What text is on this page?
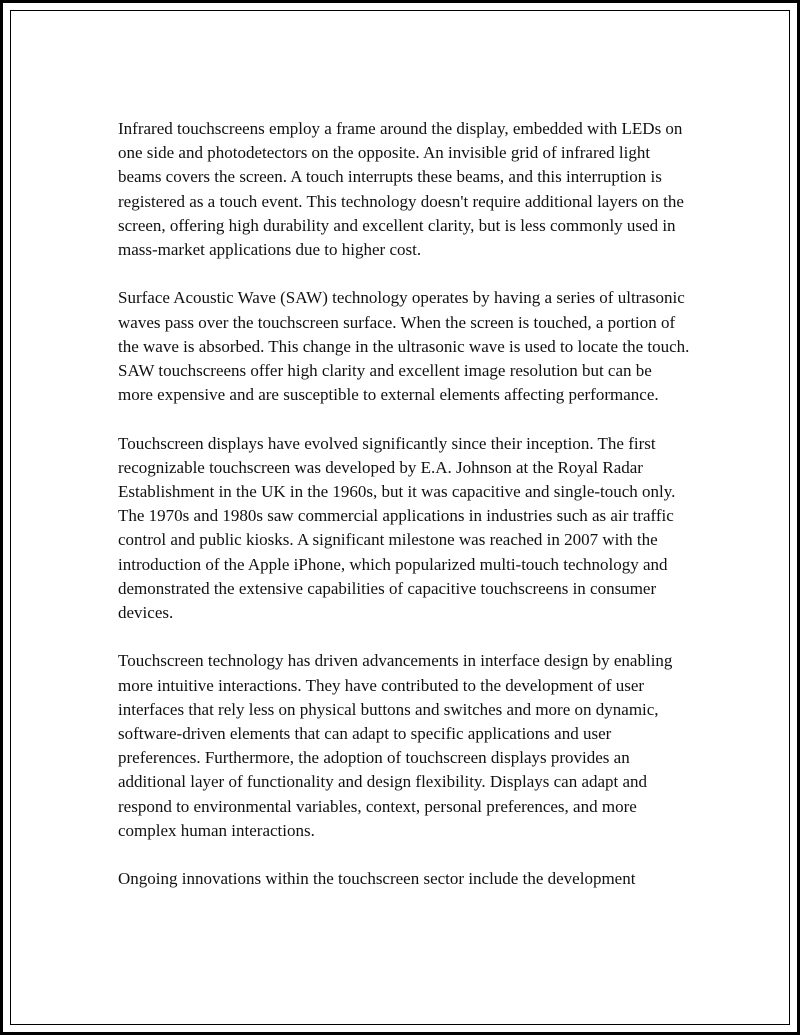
Infrared touchscreens employ a frame around the display, embedded with LEDs on one side and photodetectors on the opposite. An invisible grid of infrared light beams covers the screen. A touch interrupts these beams, and this interruption is registered as a touch event. This technology doesn't require additional layers on the screen, offering high durability and excellent clarity, but is less commonly used in mass-market applications due to higher cost.

Surface Acoustic Wave (SAW) technology operates by having a series of ultrasonic waves pass over the touchscreen surface. When the screen is touched, a portion of the wave is absorbed. This change in the ultrasonic wave is used to locate the touch. SAW touchscreens offer high clarity and excellent image resolution but can be more expensive and are susceptible to external elements affecting performance.

Touchscreen displays have evolved significantly since their inception. The first recognizable touchscreen was developed by E.A. Johnson at the Royal Radar Establishment in the UK in the 1960s, but it was capacitive and single-touch only. The 1970s and 1980s saw commercial applications in industries such as air traffic control and public kiosks. A significant milestone was reached in 2007 with the introduction of the Apple iPhone, which popularized multi-touch technology and demonstrated the extensive capabilities of capacitive touchscreens in consumer devices.

Touchscreen technology has driven advancements in interface design by enabling more intuitive interactions. They have contributed to the development of user interfaces that rely less on physical buttons and switches and more on dynamic, software-driven elements that can adapt to specific applications and user preferences. Furthermore, the adoption of touchscreen displays provides an additional layer of functionality and design flexibility. Displays can adapt and respond to environmental variables, context, personal preferences, and more complex human interactions.

Ongoing innovations within the touchscreen sector include the development
